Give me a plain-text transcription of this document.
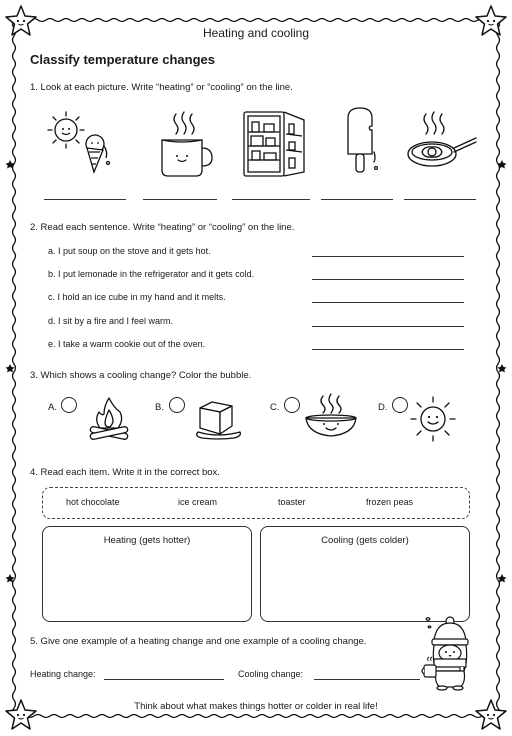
Heating and cooling
Classify temperature changes
1. Look at each picture. Write “heating” or “cooling” on the line.
2. Read each sentence. Write “heating” or “cooling” on the line.
a. I put soup on the stove and it gets hot.
b. I put lemonade in the refrigerator and it gets cold.
c. I hold an ice cube in my hand and it melts.
d. I sit by a fire and I feel warm.
e. I take a warm cookie out of the oven.
3. Which shows a cooling change? Color the bubble.
A.	B.	C.	D.
4. Read each item. Write it in the correct box.
hot chocolate	ice cream	toaster	frozen peas
Heating (gets hotter)	Cooling (gets colder)
5. Give one example of a heating change and one example of a cooling change.
Heating change:	Cooling change:
Think about what makes things hotter or colder in real life!
